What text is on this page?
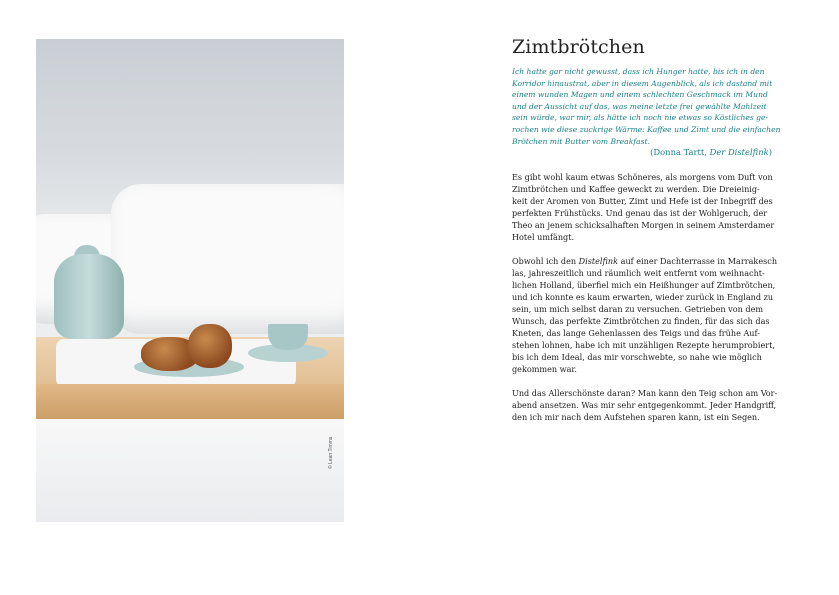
© Lean Timms
Zimtbrötchen
Ich hatte gar nicht gewusst, dass ich Hunger hatte, bis ich in den
Korridor hinaustrat, aber in diesem Augenblick, als ich dastand mit
einem wunden Magen und einem schlechten Geschmack im Mund
und der Aussicht auf das, was meine letzte frei gewählte Mahlzeit
sein würde, war mir, als hätte ich noch nie etwas so Köstliches ge-
rochen wie diese zuckrige Wärme: Kaffee und Zimt und die einfachen
Brötchen mit Butter vom Breakfast.
(Donna Tartt, Der Distelfink)
Es gibt wohl kaum etwas Schöneres, als morgens vom Duft von
Zimtbrötchen und Kaffee geweckt zu werden. Die Dreieinig-
keit der Aromen von Butter, Zimt und Hefe ist der Inbegriff des
perfekten Frühstücks. Und genau das ist der Wohlgeruch, der
Theo an jenem schicksalhaften Morgen in seinem Amsterdamer
Hotel umfängt.
Obwohl ich den Distelfink auf einer Dachterrasse in Marrakesch
las, jahreszeitlich und räumlich weit entfernt vom weihnacht-
lichen Holland, überfiel mich ein Heißhunger auf Zimtbrötchen,
und ich konnte es kaum erwarten, wieder zurück in England zu
sein, um mich selbst daran zu versuchen. Getrieben von dem
Wunsch, das perfekte Zimtbrötchen zu finden, für das sich das
Kneten, das lange Gehenlassen des Teigs und das frühe Auf-
stehen lohnen, habe ich mit unzähligen Rezepte herumprobiert,
bis ich dem Ideal, das mir vorschwebte, so nahe wie möglich
gekommen war.
Und das Allerschönste daran? Man kann den Teig schon am Vor-
abend ansetzen. Was mir sehr entgegenkommt. Jeder Handgriff,
den ich mir nach dem Aufstehen sparen kann, ist ein Segen.
